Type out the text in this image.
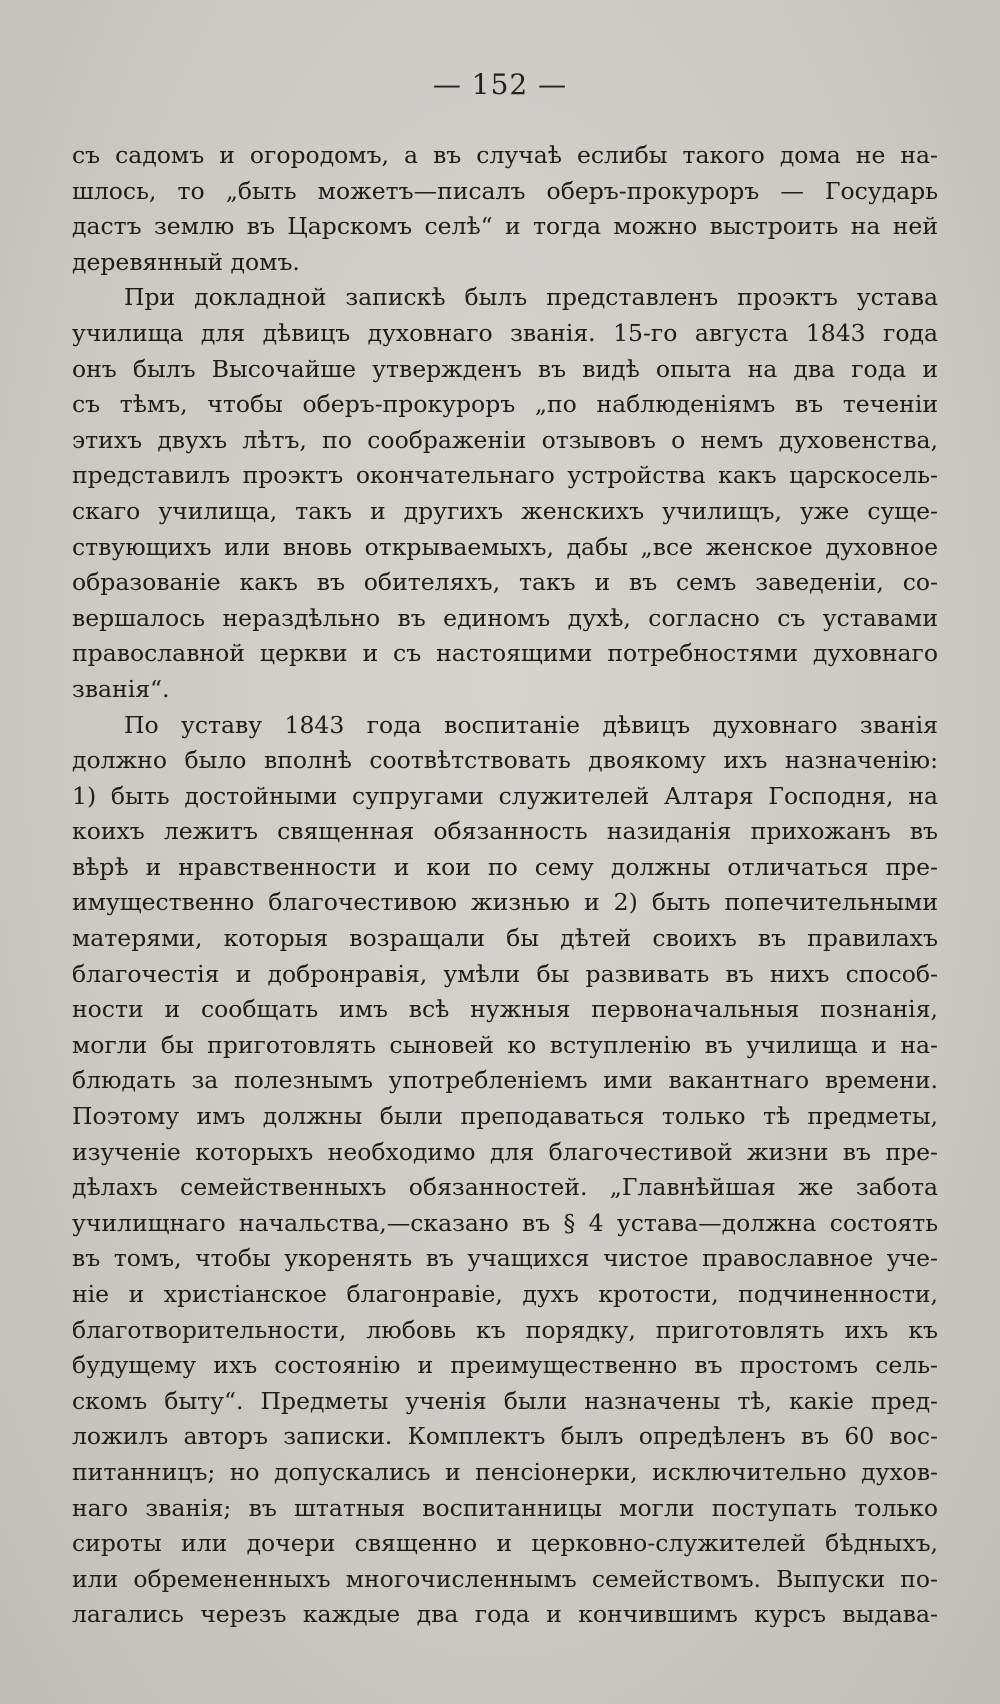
— 152 —
съ садомъ и огородомъ, а въ случаѣ еслибы такого дома не на-
шлось, то „быть можетъ—писалъ оберъ-прокуроръ — Государь
дастъ землю въ Царскомъ селѣ“ и тогда можно выстроить на ней
деревянный домъ.
При докладной запискѣ былъ представленъ проэктъ устава
училища для дѣвицъ духовнаго званія. 15-го августа 1843 года
онъ былъ Высочайше утвержденъ въ видѣ опыта на два года и
съ тѣмъ, чтобы оберъ-прокуроръ „по наблюденіямъ въ теченіи
этихъ двухъ лѣтъ, по соображеніи отзывовъ о немъ духовенства,
представилъ проэктъ окончательнаго устройства какъ царскосель-
скаго училища, такъ и другихъ женскихъ училищъ, уже суще-
ствующихъ или вновь открываемыхъ, дабы „все женское духовное
образованіе какъ въ обителяхъ, такъ и въ семъ заведеніи, со-
вершалось нераздѣльно въ единомъ духѣ, согласно съ уставами
православной церкви и съ настоящими потребностями духовнаго
званія“.
По уставу 1843 года воспитаніе дѣвицъ духовнаго званія
должно было вполнѣ соотвѣтствовать двоякому ихъ назначенію:
1) быть достойными супругами служителей Алтаря Господня, на
коихъ лежитъ священная обязанность назиданія прихожанъ въ
вѣрѣ и нравственности и кои по сему должны отличаться пре-
имущественно благочестивою жизнью и 2) быть попечительными
матерями, которыя возращали бы дѣтей своихъ въ правилахъ
благочестія и добронравія, умѣли бы развивать въ нихъ способ-
ности и сообщать имъ всѣ нужныя первоначальныя познанія,
могли бы приготовлять сыновей ко вступленію въ училища и на-
блюдать за полезнымъ употребленіемъ ими вакантнаго времени.
Поэтому имъ должны были преподаваться только тѣ предметы,
изученіе которыхъ необходимо для благочестивой жизни въ пре-
дѣлахъ семейственныхъ обязанностей. „Главнѣйшая же забота
училищнаго начальства,—сказано въ § 4 устава—должна состоять
въ томъ, чтобы укоренять въ учащихся чистое православное уче-
ніе и христіанское благонравіе, духъ кротости, подчиненности,
благотворительности, любовь къ порядку, приготовлять ихъ къ
будущему ихъ состоянію и преимущественно въ простомъ сель-
скомъ быту“. Предметы ученія были назначены тѣ, какіе пред-
ложилъ авторъ записки. Комплектъ былъ опредѣленъ въ 60 вос-
питанницъ; но допускались и пенсіонерки, исключительно духов-
наго званія; въ штатныя воспитанницы могли поступать только
сироты или дочери священно и церковно-служителей бѣдныхъ,
или обремененныхъ многочисленнымъ семействомъ. Выпуски по-
лагались черезъ каждые два года и кончившимъ курсъ выдава-
